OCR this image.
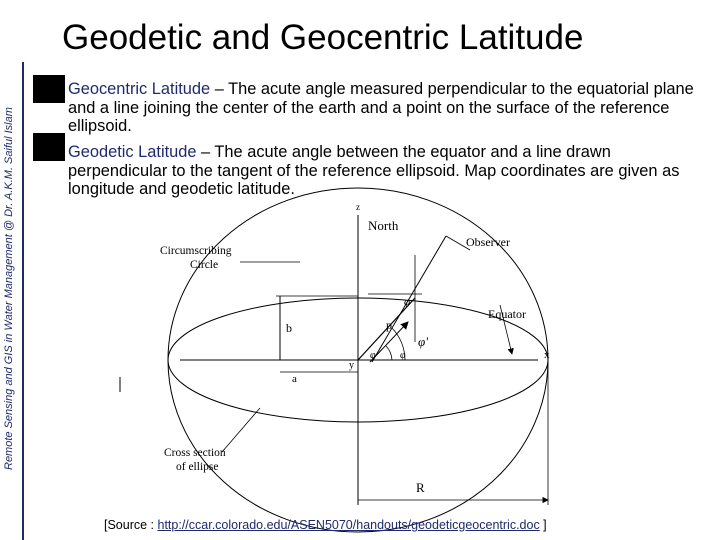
Remote Sensing and GIS in Water Management @ Dr. A.K.M. Saiful Islam
Geodetic and Geocentric Latitude
Geocentric Latitude – The acute angle measured perpendicular to the equatorial plane and a line joining the center of the earth and a point on the surface of the reference ellipsoid.
Geodetic Latitude – The acute angle between the equator and a line drawn perpendicular to the tangent of the reference ellipsoid. Map coordinates are given as longitude and geodetic latitude.
z
North
Observer
Circumscribing
Circle
Equator
φ
b	p
φ'
φ φ
y
x
a
Cross section
of ellipse
R
[Source : http://ccar.colorado.edu/ASEN5070/handouts/geodeticgeocentric.doc ]
